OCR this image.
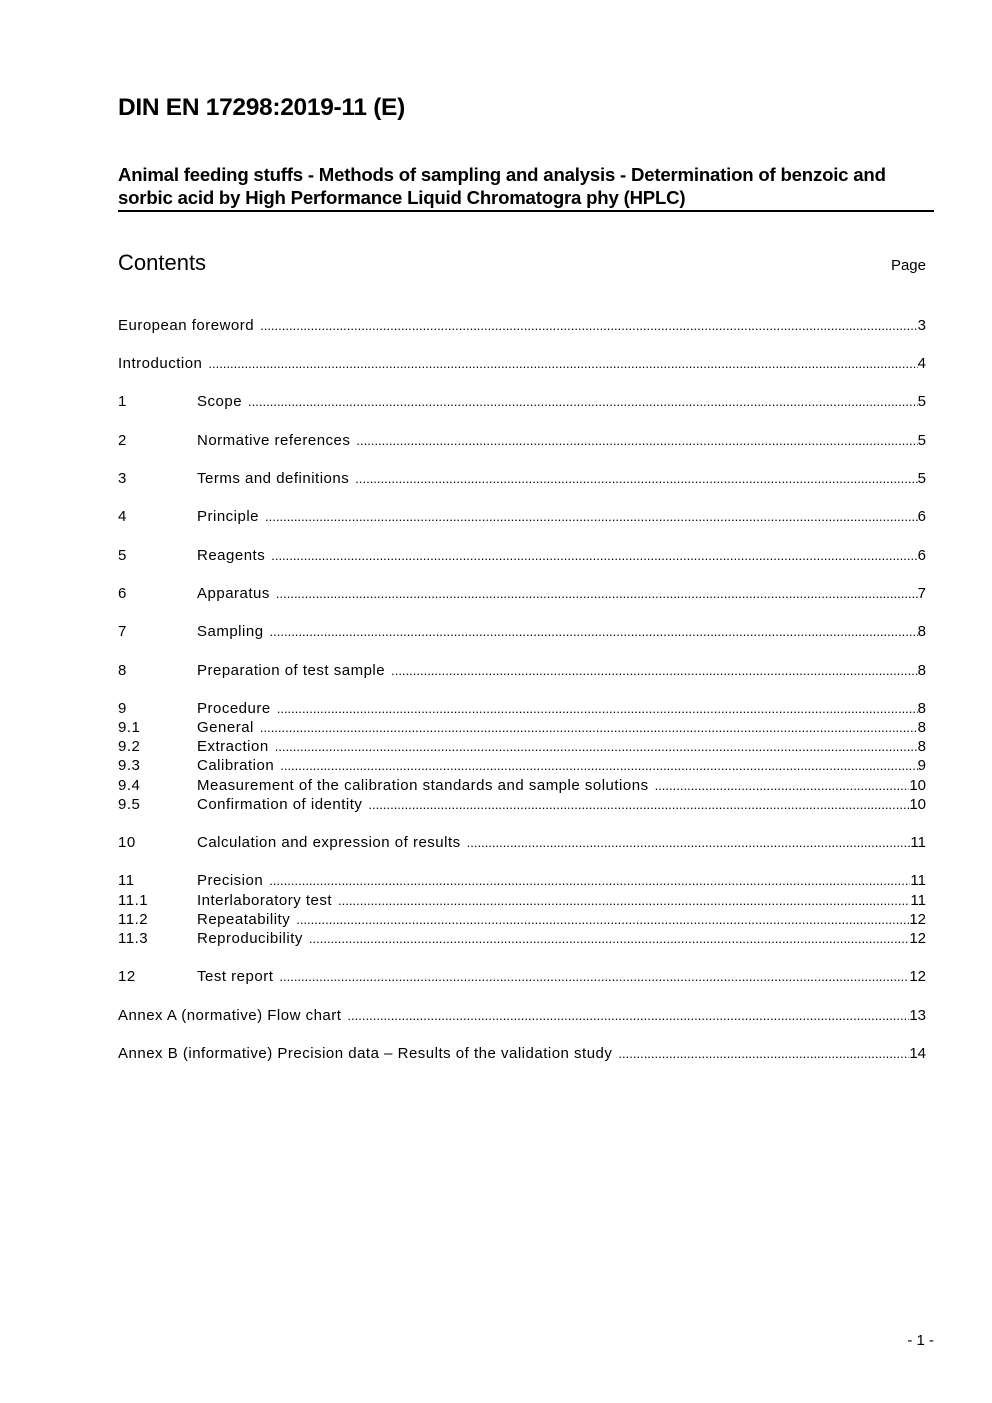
DIN EN 17298:2019-11 (E)
Animal feeding stuffs - Methods of sampling and analysis - Determination of benzoic and sorbic acid by High Performance Liquid Chromatogra phy (HPLC)
Contents	Page
European foreword .....	3
Introduction .....	4
1	Scope .....	5
2	Normative references .....	5
3	Terms and definitions .....	5
4	Principle .....	6
5	Reagents .....	6
6	Apparatus .....	7
7	Sampling .....	8
8	Preparation of test sample .....	8
9	Procedure .....	8
9.1	General .....	8
9.2	Extraction .....	8
9.3	Calibration .....	9
9.4	Measurement of the calibration standards and sample solutions .....	10
9.5	Confirmation of identity .....	10
10	Calculation and expression of results .....	11
11	Precision .....	11
11.1	Interlaboratory test .....	11
11.2	Repeatability .....	12
11.3	Reproducibility .....	12
12	Test report .....	12
Annex A (normative) Flow chart .....	13
Annex B (informative) Precision data – Results of the validation study .....	14
- 1 -
